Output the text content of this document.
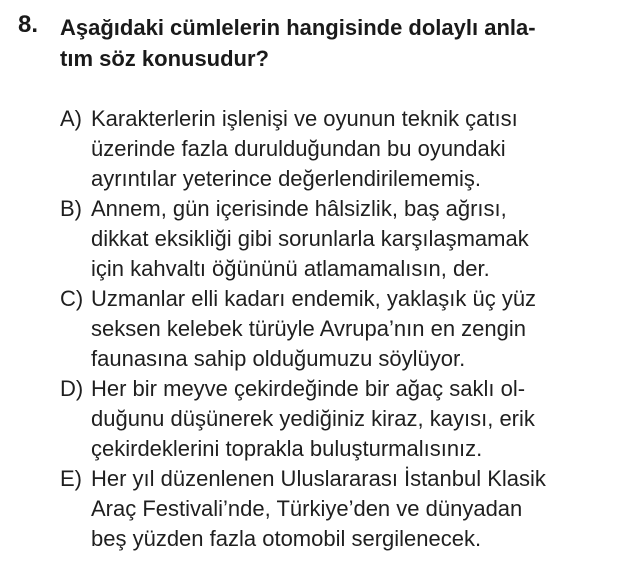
8. Aşağıdaki cümlelerin hangisinde dolaylı anla-
tım söz konusudur?
A) Karakterlerin işlenişi ve oyunun teknik çatısı
üzerinde fazla durulduğundan bu oyundaki
ayrıntılar yeterince değerlendirilememiş.
B) Annem, gün içerisinde hâlsizlik, baş ağrısı,
dikkat eksikliği gibi sorunlarla karşılaşmamak
için kahvaltı öğününü atlamamalısın, der.
C) Uzmanlar elli kadarı endemik, yaklaşık üç yüz
seksen kelebek türüyle Avrupa’nın en zengin
faunasına sahip olduğumuzu söylüyor.
D) Her bir meyve çekirdeğinde bir ağaç saklı ol-
duğunu düşünerek yediğiniz kiraz, kayısı, erik
çekirdeklerini toprakla buluşturmalısınız.
E) Her yıl düzenlenen Uluslararası İstanbul Klasik
Araç Festivali’nde, Türkiye’den ve dünyadan
beş yüzden fazla otomobil sergilenecek.
